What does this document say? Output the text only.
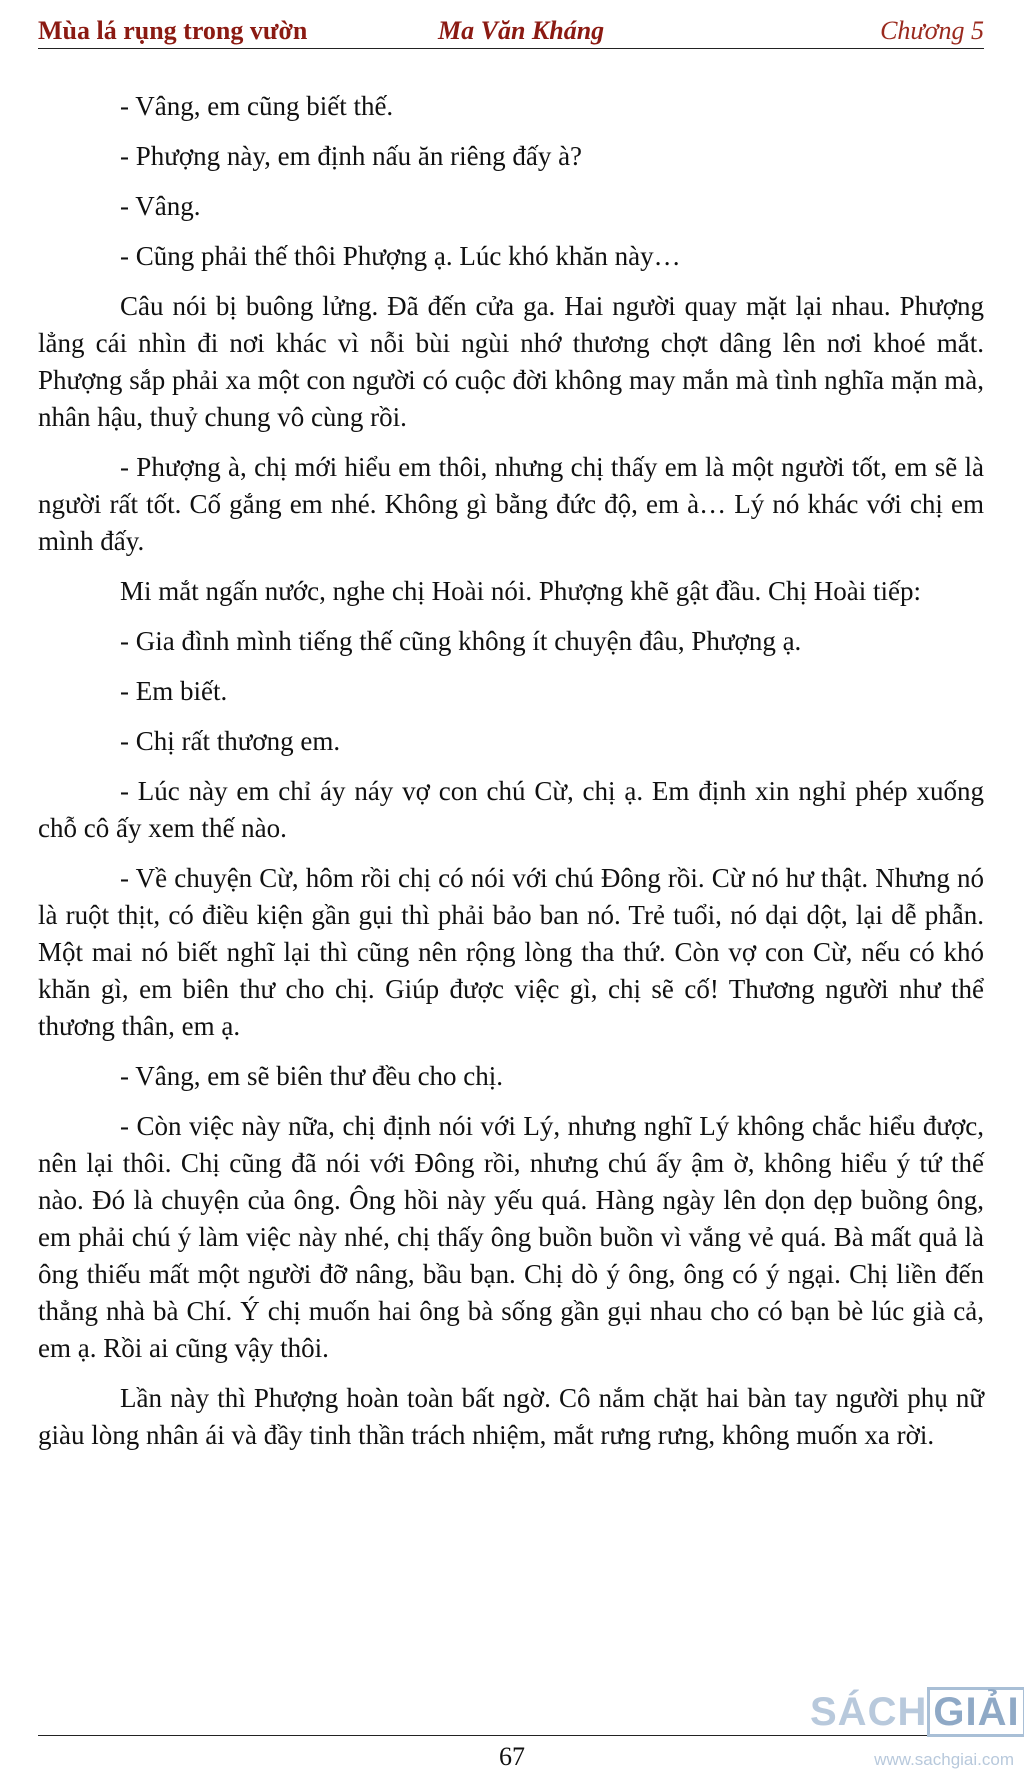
Mùa lá rụng trong vườn	Ma Văn Kháng	Chương 5

- Vâng, em cũng biết thế.

- Phượng này, em định nấu ăn riêng đấy à?

- Vâng.

- Cũng phải thế thôi Phượng ạ. Lúc khó khăn này…

Câu nói bị buông lửng. Đã đến cửa ga. Hai người quay mặt lại nhau. Phượng lẳng cái nhìn đi nơi khác vì nỗi bùi ngùi nhớ thương chợt dâng lên nơi khoé mắt. Phượng sắp phải xa một con người có cuộc đời không may mắn mà tình nghĩa mặn mà, nhân hậu, thuỷ chung vô cùng rồi.

- Phượng à, chị mới hiểu em thôi, nhưng chị thấy em là một người tốt, em sẽ là người rất tốt. Cố gắng em nhé. Không gì bằng đức độ, em à… Lý nó khác với chị em mình đấy.

Mi mắt ngấn nước, nghe chị Hoài nói. Phượng khẽ gật đầu. Chị Hoài tiếp:

- Gia đình mình tiếng thế cũng không ít chuyện đâu, Phượng ạ.

- Em biết.

- Chị rất thương em.

- Lúc này em chỉ áy náy vợ con chú Cừ, chị ạ. Em định xin nghỉ phép xuống chỗ cô ấy xem thế nào.

- Về chuyện Cừ, hôm rồi chị có nói với chú Đông rồi. Cừ nó hư thật. Nhưng nó là ruột thịt, có điều kiện gần gụi thì phải bảo ban nó. Trẻ tuổi, nó dại dột, lại dễ phẫn. Một mai nó biết nghĩ lại thì cũng nên rộng lòng tha thứ. Còn vợ con Cừ, nếu có khó khăn gì, em biên thư cho chị. Giúp được việc gì, chị sẽ cố! Thương người như thể thương thân, em ạ.

- Vâng, em sẽ biên thư đều cho chị.

- Còn việc này nữa, chị định nói với Lý, nhưng nghĩ Lý không chắc hiểu được, nên lại thôi. Chị cũng đã nói với Đông rồi, nhưng chú ấy ậm ờ, không hiểu ý tứ thế nào. Đó là chuyện của ông. Ông hồi này yếu quá. Hàng ngày lên dọn dẹp buồng ông, em phải chú ý làm việc này nhé, chị thấy ông buồn buồn vì vắng vẻ quá. Bà mất quả là ông thiếu mất một người đỡ nâng, bầu bạn. Chị dò ý ông, ông có ý ngại. Chị liền đến thẳng nhà bà Chí. Ý chị muốn hai ông bà sống gần gụi nhau cho có bạn bè lúc già cả, em ạ. Rồi ai cũng vậy thôi.

Lần này thì Phượng hoàn toàn bất ngờ. Cô nắm chặt hai bàn tay người phụ nữ giàu lòng nhân ái và đầy tinh thần trách nhiệm, mắt rưng rưng, không muốn xa rời.

67
SÁCH GIẢI
www.sachgiai.com
